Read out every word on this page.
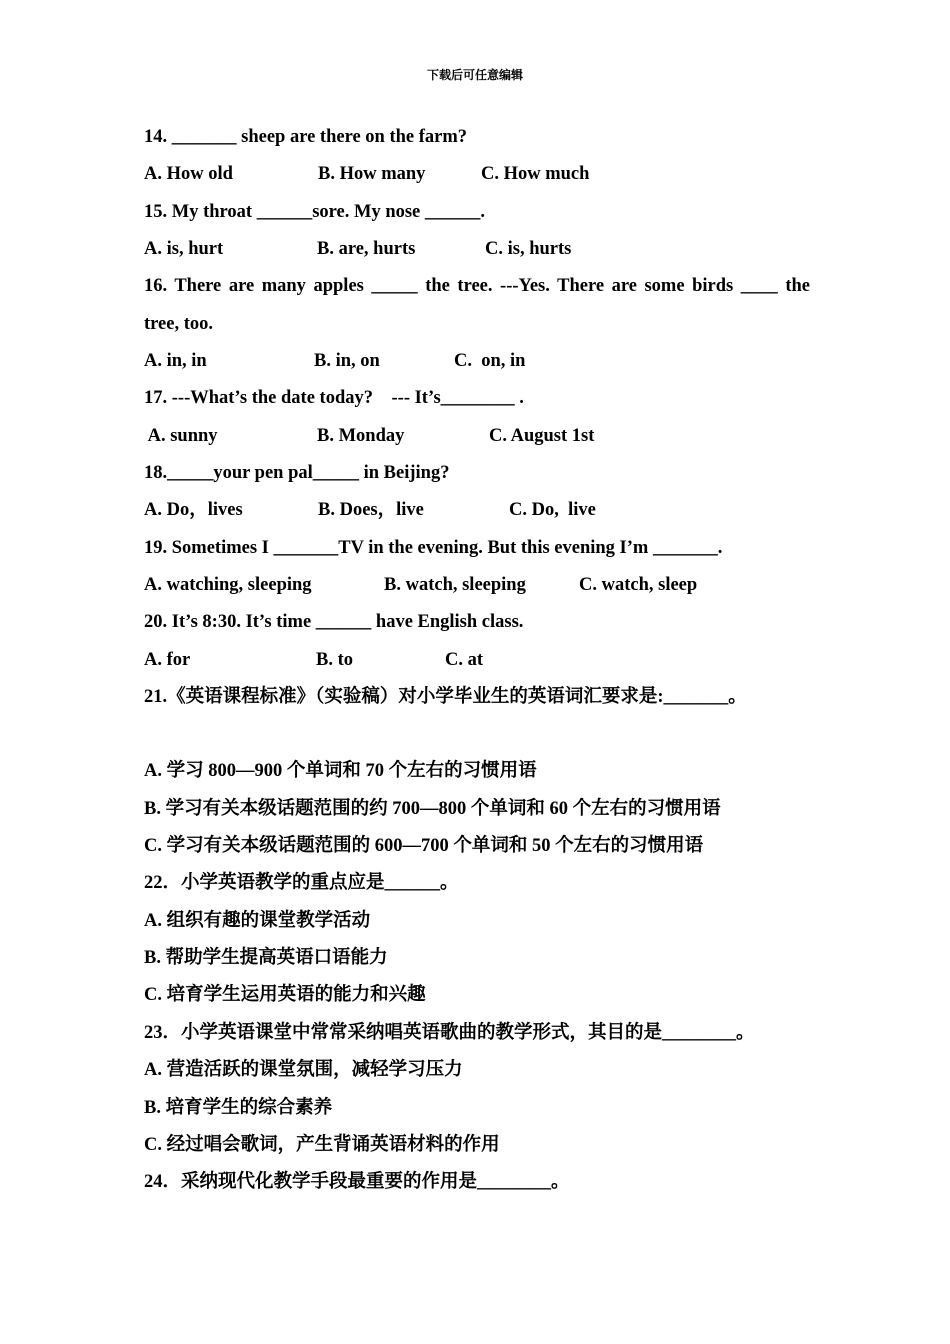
下载后可任意编辑
14. _______ sheep are there on the farm?

A. How old

	B. How many

	C. How much

15. My throat ______sore. My nose ______.

A. is, hurt

	B. are, hurts

	C. is, hurts

16. There are many apples _____ the tree. ---Yes. There are some birds ____ the
tree, too.

A. in, in

	B. in, on

	C.  on, in

17. ---What’s the date today?    --- It’s________ .

A. sunny

	B. Monday

	C. August 1st

18._____your pen pal_____ in Beijing?

A. Do，lives

	B. Does，live

	C. Do,  live

19. Sometimes I _______TV in the evening. But this evening I’m _______.

A. watching, sleeping

	B. watch, sleeping

	C. watch, sleep

20. It’s 8:30. It’s time ______ have English class.

A. for

	B. to

	C. at

21.《英语课程标准》（实验稿）对小学毕业生的英语词汇要求是:_______。
A. 学习 800—900 个单词和 70 个左右的习惯用语
B. 学习有关本级话题范围的约 700—800 个单词和 60 个左右的习惯用语
C. 学习有关本级话题范围的 600—700 个单词和 50 个左右的习惯用语
22．小学英语教学的重点应是______。
A. 组织有趣的课堂教学活动
B. 帮助学生提高英语口语能力
C. 培育学生运用英语的能力和兴趣
23．小学英语课堂中常常采纳唱英语歌曲的教学形式，其目的是________。
A. 营造活跃的课堂氛围，减轻学习压力
B. 培育学生的综合素养
C. 经过唱会歌词，产生背诵英语材料的作用
24．采纳现代化教学手段最重要的作用是________。
